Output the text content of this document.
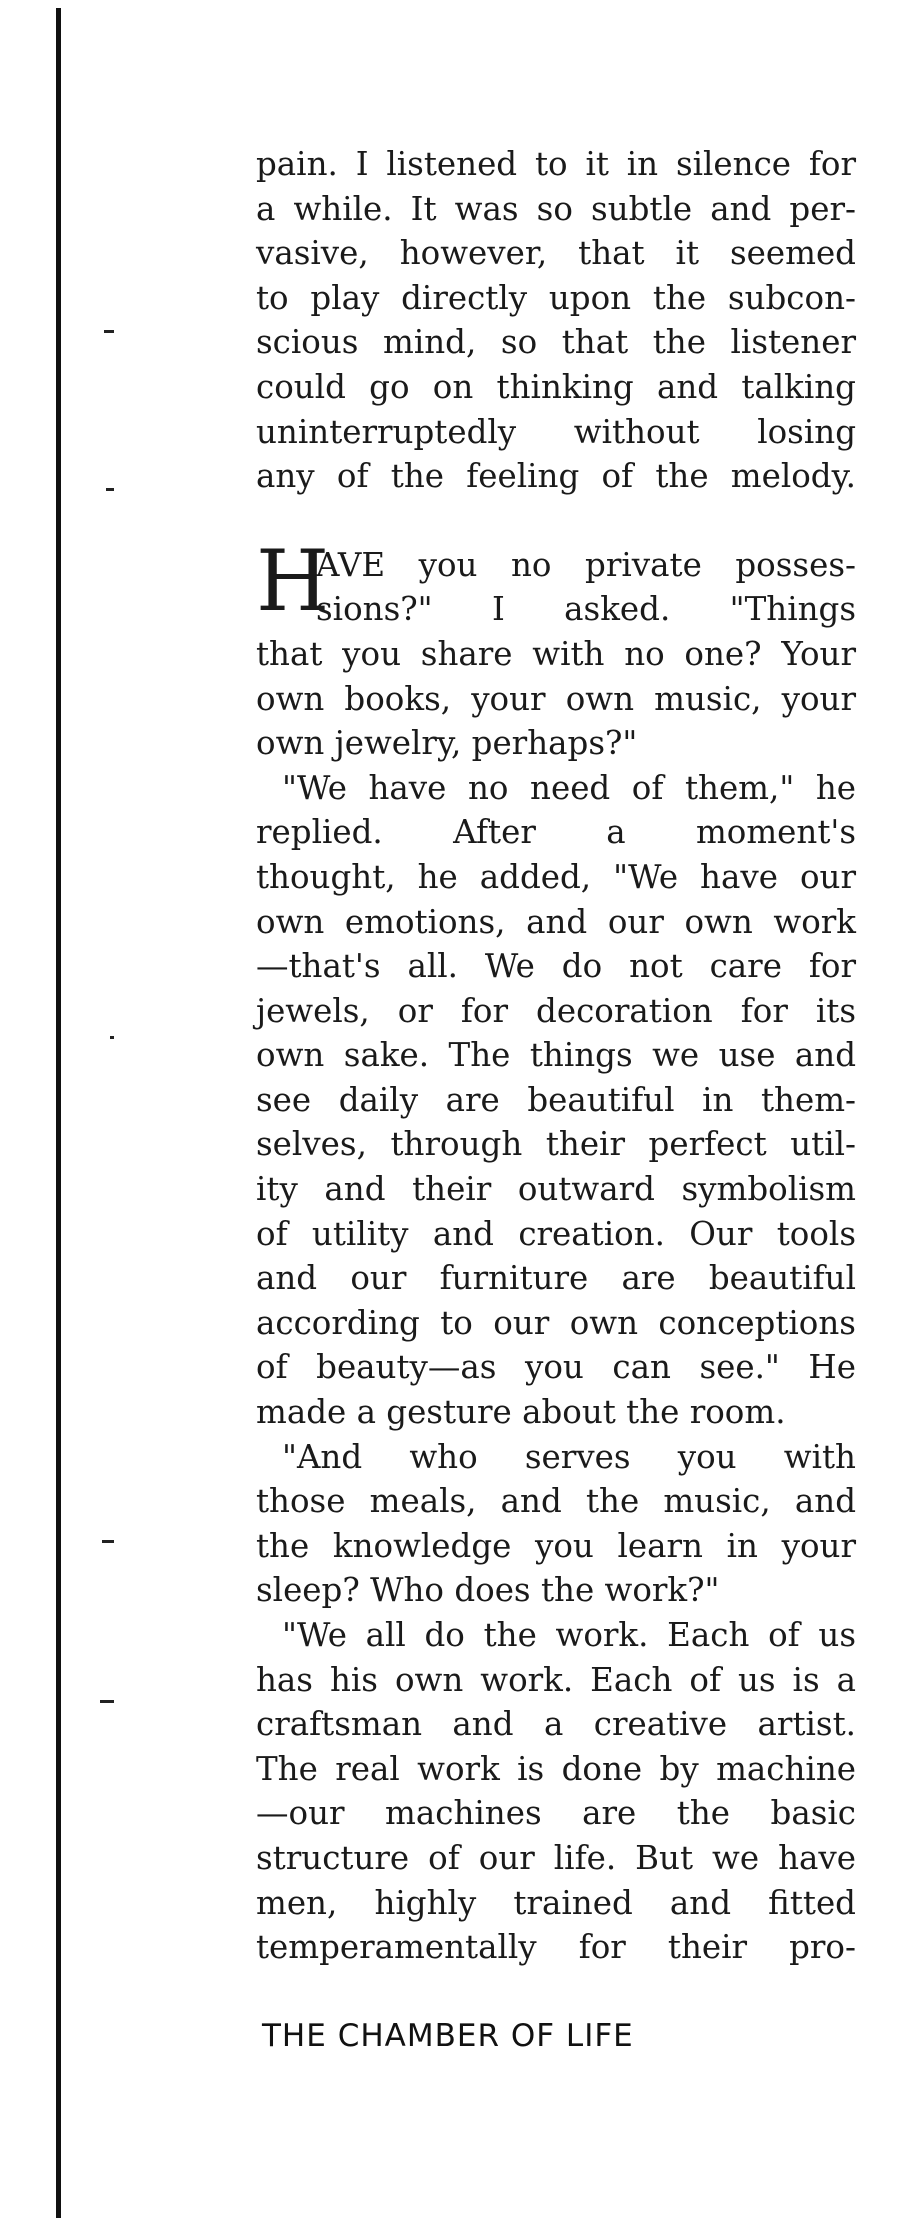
pain. I listened to it in silence for
a while. It was so subtle and per-
vasive, however, that it seemed
to play directly upon the subcon-
scious mind, so that the listener
could go on thinking and talking
uninterruptedly without losing
any of the feeling of the melody.

H
AVE you no private posses-
sions?" I asked. "Things
that you share with no one? Your
own books, your own music, your
own jewelry, perhaps?"

"We have no need of them," he
replied. After a moment's
thought, he added, "We have our
own emotions, and our own work
—that's all. We do not care for
jewels, or for decoration for its
own sake. The things we use and
see daily are beautiful in them-
selves, through their perfect util-
ity and their outward symbolism
of utility and creation. Our tools
and our furniture are beautiful
according to our own conceptions
of beauty—as you can see." He
made a gesture about the room.

"And who serves you with
those meals, and the music, and
the knowledge you learn in your
sleep? Who does the work?"

"We all do the work. Each of us
has his own work. Each of us is a
craftsman and a creative artist.
The real work is done by machine
—our machines are the basic
structure of our life. But we have
men, highly trained and fitted
temperamentally for their pro-

THE CHAMBER OF LIFE
